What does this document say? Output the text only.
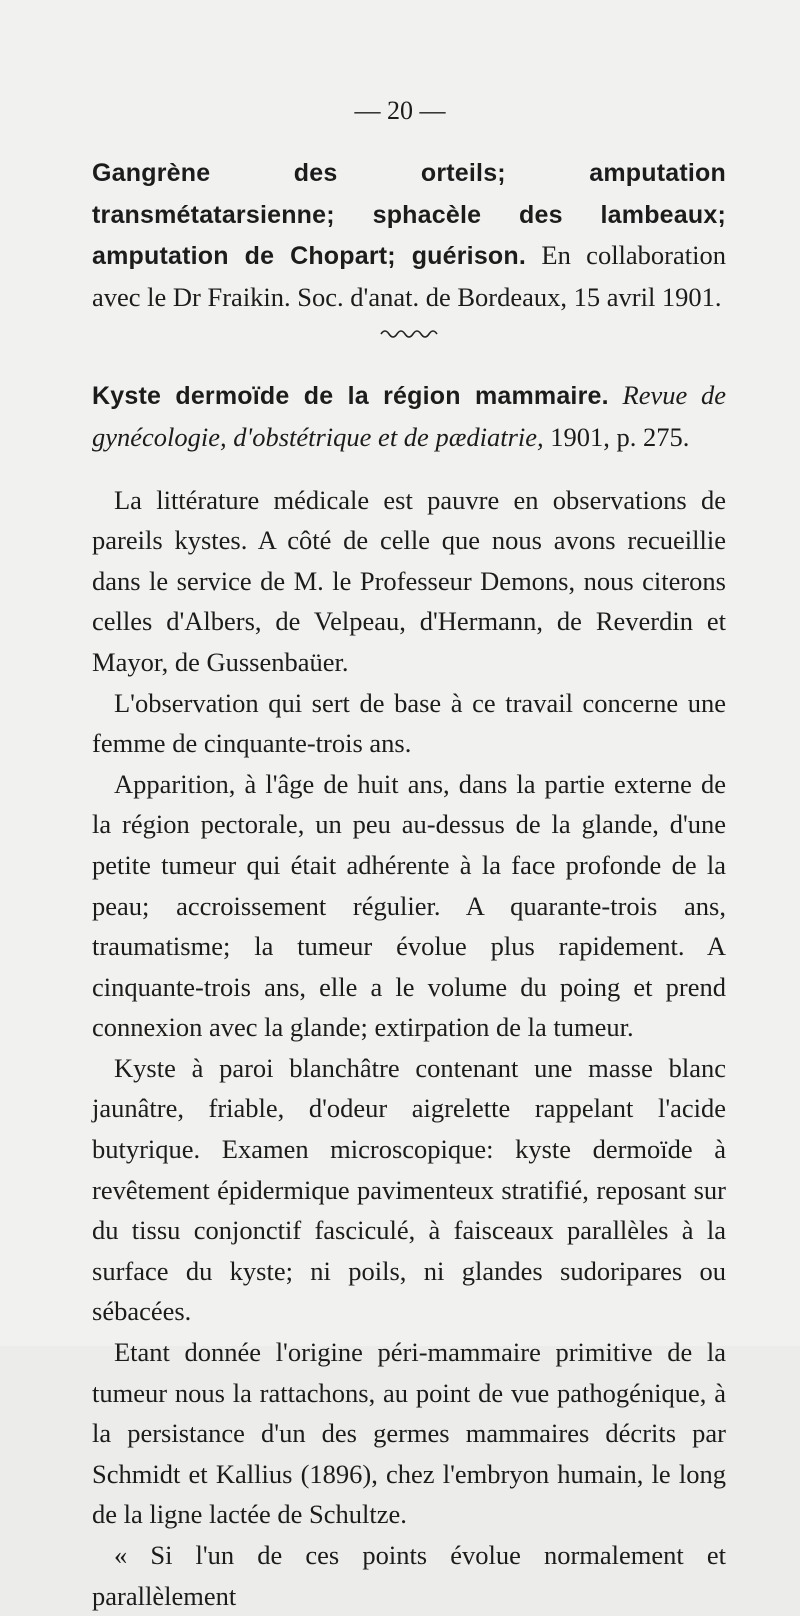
— 20 —

Gangrène des orteils; amputation transmétatarsienne; sphacèle des lambeaux; amputation de Chopart; guérison. En collaboration avec le Dr Fraikin. Soc. d'anat. de Bordeaux, 15 avril 1901.

Kyste dermoïde de la région mammaire. Revue de gynécologie, d'obstétrique et de pædiatrie, 1901, p. 275.

La littérature médicale est pauvre en observations de pareils kystes. A côté de celle que nous avons recueillie dans le service de M. le Professeur Demons, nous citerons celles d'Albers, de Velpeau, d'Hermann, de Reverdin et Mayor, de Gussenbaüer.

L'observation qui sert de base à ce travail concerne une femme de cinquante-trois ans.

Apparition, à l'âge de huit ans, dans la partie externe de la région pectorale, un peu au-dessus de la glande, d'une petite tumeur qui était adhérente à la face profonde de la peau; accroissement régulier. A quarante-trois ans, traumatisme; la tumeur évolue plus rapidement. A cinquante-trois ans, elle a le volume du poing et prend connexion avec la glande; extirpation de la tumeur.

Kyste à paroi blanchâtre contenant une masse blanc jaunâtre, friable, d'odeur aigrelette rappelant l'acide butyrique. Examen microscopique: kyste dermoïde à revêtement épidermique pavimenteux stratifié, reposant sur du tissu conjonctif fasciculé, à faisceaux parallèles à la surface du kyste; ni poils, ni glandes sudoripares ou sébacées.

Etant donnée l'origine péri-mammaire primitive de la tumeur nous la rattachons, au point de vue pathogénique, à la persistance d'un des germes mammaires décrits par Schmidt et Kallius (1896), chez l'embryon humain, le long de la ligne lactée de Schultze.

« Si l'un de ces points évolue normalement et parallèlement
